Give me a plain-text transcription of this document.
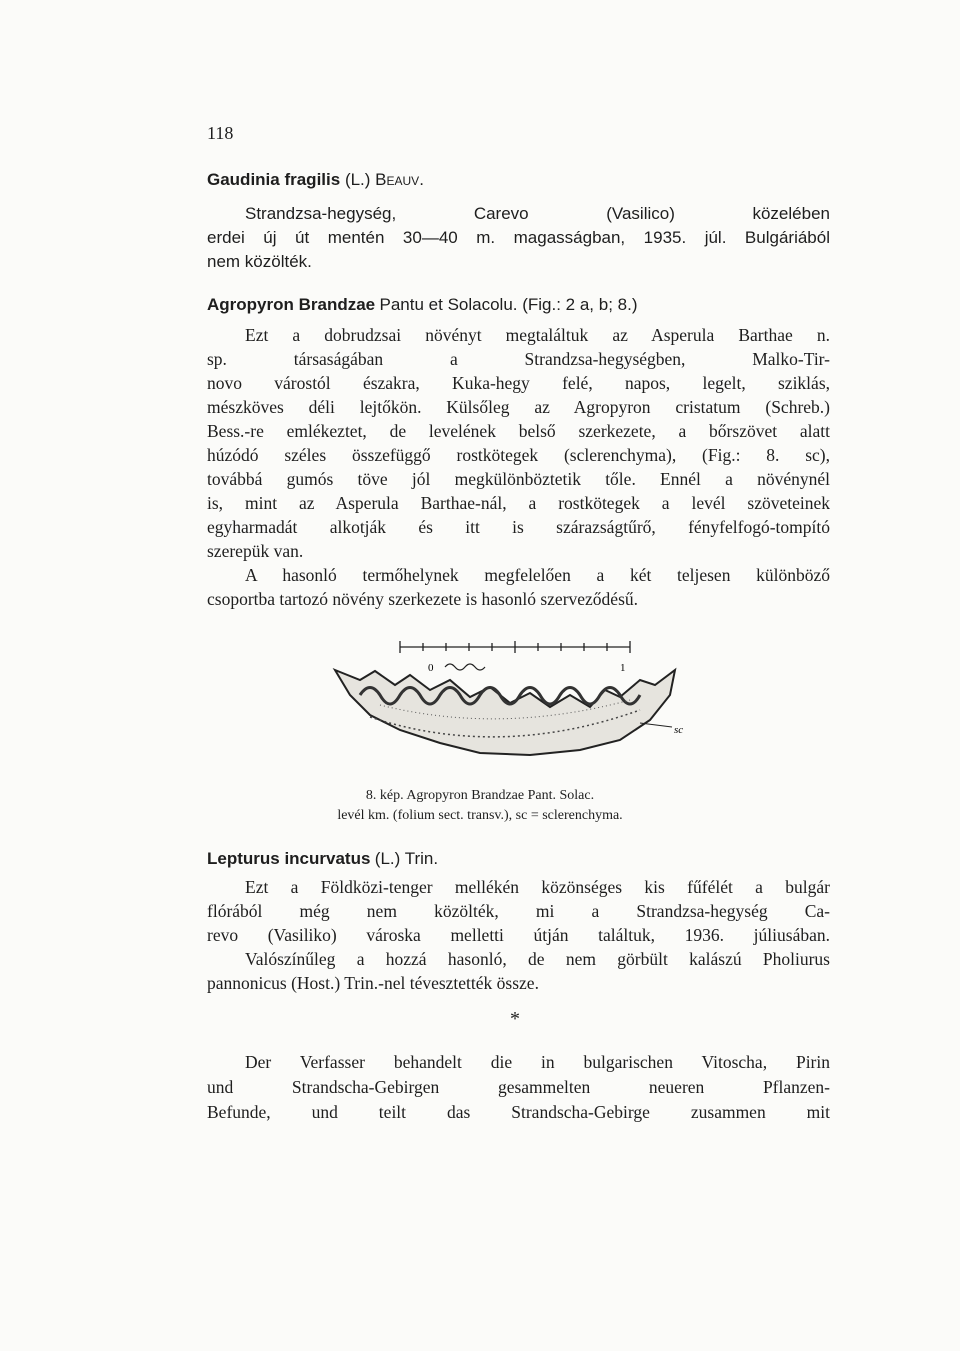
118
Gaudinia fragilis (L.) Beauv.
Strandzsa-hegység, Carevo (Vasilico) közelében
erdei új út mentén 30—40 m. magasságban, 1935. júl. Bulgáriából
nem közölték.
Agropyron Brandzae Pantu et Solacolu. (Fig.: 2 a, b; 8.)
Ezt a dobrudzsai növényt megtaláltuk az Asperula Barthae n.
sp. társaságában a Strandzsa-hegységben, Malko-Tir-
novo várostól északra, Kuka-hegy felé, napos, legelt, sziklás,
mészköves déli lejtőkön. Külsőleg az Agropyron cristatum (Schreb.)
Bess.-re emlékeztet, de levelének belső szerkezete, a bőrszövet alatt
húzódó széles összefüggő rostkötegek (sclerenchyma), (Fig.: 8. sc),
továbbá gumós töve jól megkülönböztetik tőle. Ennél a növénynél
is, mint az Asperula Barthae-nál, a rostkötegek a levél szöveteinek
egyharmadát alkotják és itt is szárazságtűrő, fényfelfogó-tompító
szerepük van.
A hasonló termőhelynek megfelelően a két teljesen különböző
csoportba tartozó növény szerkezete is hasonló szerveződésű.
0	1
sc
8. kép. Agropyron Brandzae Pant. Solac.
levél km. (folium sect. transv.), sc = sclerenchyma.
Lepturus incurvatus (L.) Trin.
Ezt a Földközi-tenger mellékén közönséges kis fűfélét a bulgár
flórából még nem közölték, mi a Strandzsa-hegység Ca-
revo (Vasiliko) városka melletti útján találtuk, 1936. júliusában.
Valószínűleg a hozzá hasonló, de nem görbült kalászú Pholiurus
pannonicus (Host.) Trin.-nel tévesztették össze.
*
Der Verfasser behandelt die in bulgarischen Vitoscha, Pirin
und Strandscha-Gebirgen gesammelten neueren Pflanzen-
Befunde, und teilt das Strandscha-Gebirge zusammen mit
